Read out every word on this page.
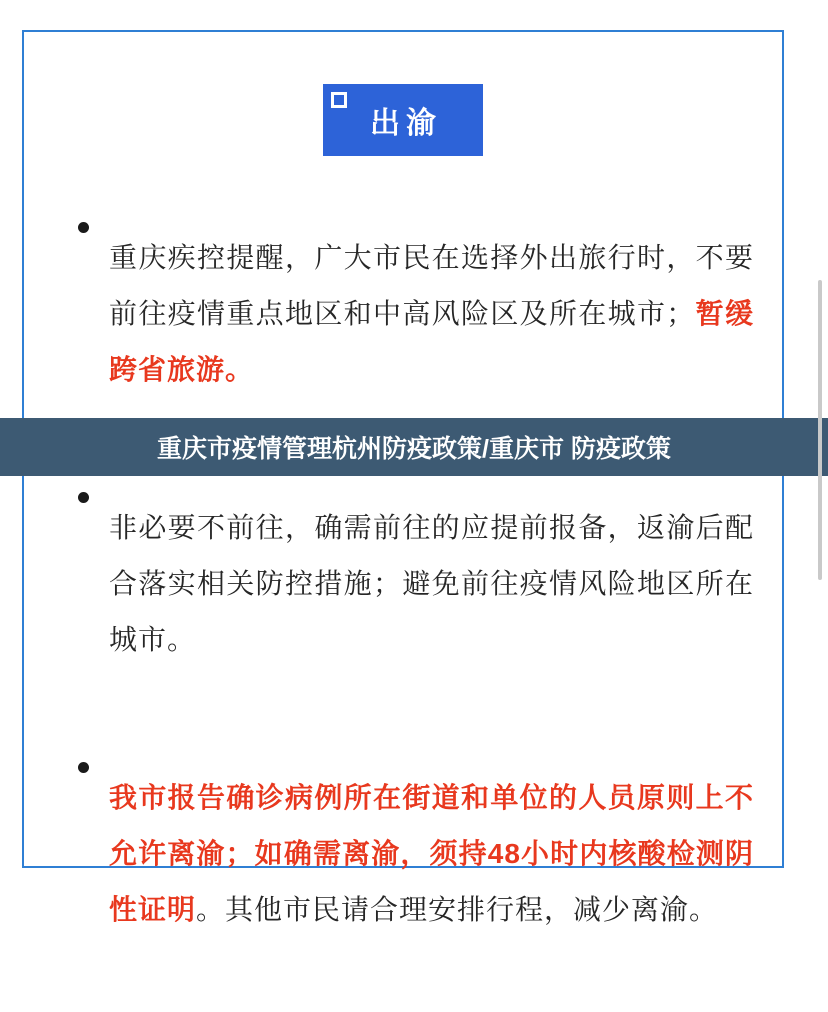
出渝

重庆疾控提醒，广大市民在选择外出旅行时，不要前往疫情重点地区和中高风险区及所在城市；暂缓跨省旅游。

非必要不前往，确需前往的应提前报备，返渝后配合落实相关防控措施；避免前往疫情风险地区所在城市。

我市报告确诊病例所在街道和单位的人员原则上不允许离渝；如确需离渝，须持48小时内核酸检测阴性证明。其他市民请合理安排行程，减少离渝。

重庆市疫情管理杭州防疫政策/重庆市 防疫政策
